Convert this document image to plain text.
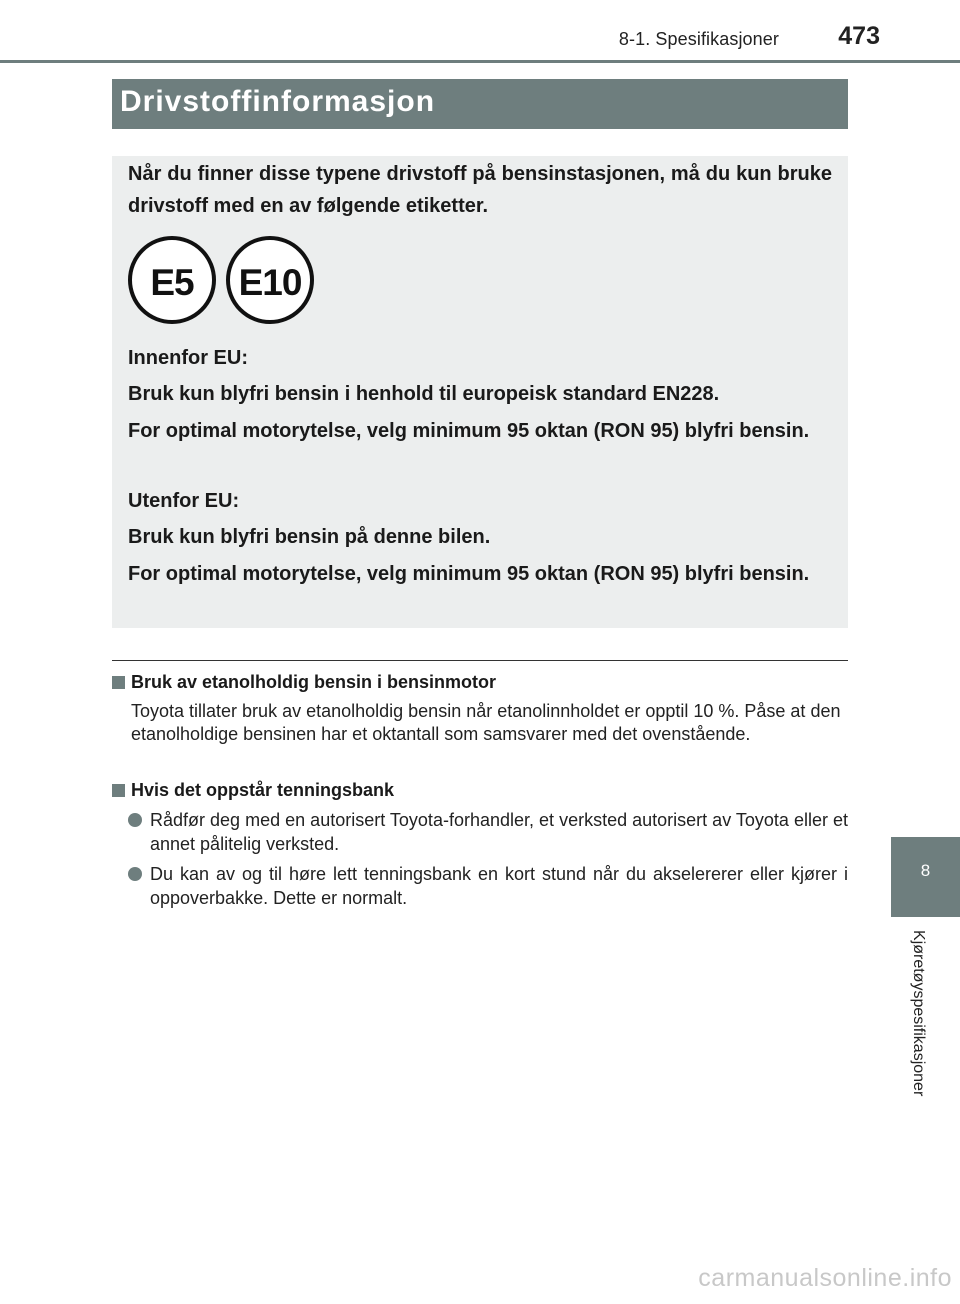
8-1. Spesifikasjoner 473
Drivstoffinformasjon

Når du finner disse typene drivstoff på bensinstasjonen, må du kun bruke drivstoff med en av følgende etiketter.

E5	E10

Innenfor EU:

Bruk kun blyfri bensin i henhold til europeisk standard EN228.

For optimal motorytelse, velg minimum 95 oktan (RON 95) blyfri bensin.

Utenfor EU:

Bruk kun blyfri bensin på denne bilen.

For optimal motorytelse, velg minimum 95 oktan (RON 95) blyfri bensin.

Bruk av etanolholdig bensin i bensinmotor

Toyota tillater bruk av etanolholdig bensin når etanolinnholdet er opptil 10 %. Påse at den etanolholdige bensinen har et oktantall som samsvarer med det ovenstående.

Hvis det oppstår tenningsbank
Rådfør deg med en autorisert Toyota-forhandler, et verksted autorisert av Toyota eller et annet pålitelig verksted.
Du kan av og til høre lett tenningsbank en kort stund når du akselererer eller kjører i oppoverbakke. Dette er normalt.
8
Kjøretøyspesifikasjoner
carmanualsonline.info
